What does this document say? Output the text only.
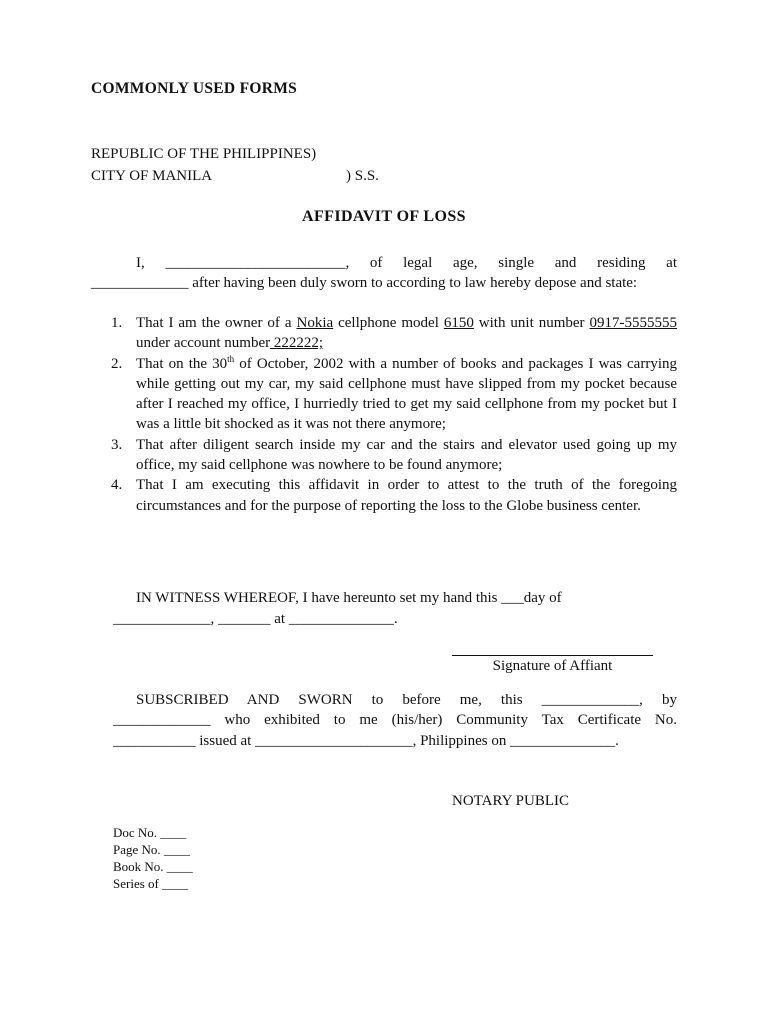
COMMONLY USED FORMS
REPUBLIC OF THE PHILIPPINES)
CITY OF MANILA	) S.S.
AFFIDAVIT OF LOSS
I, ________________________, of legal age, single and residing at
_____________ after having been duly sworn to according to law hereby depose and state:
1. That I am the owner of a Nokia cellphone model 6150 with unit number 0917-5555555 under account number 222222;
2. That on the 30th of October, 2002 with a number of books and packages I was carrying while getting out my car, my said cellphone must have slipped from my pocket because after I reached my office, I hurriedly tried to get my said cellphone from my pocket but I was a little bit shocked as it was not there anymore;
3. That after diligent search inside my car and the stairs and elevator used going up my office, my said cellphone was nowhere to be found anymore;
4. That I am executing this affidavit in order to attest to the truth of the foregoing circumstances and for the purpose of reporting the loss to the Globe business center.
IN WITNESS WHEREOF, I have hereunto set my hand this ___day of
_____________, _______ at ______________.
Signature of Affiant
SUBSCRIBED AND SWORN to before me, this _____________, by
_____________ who exhibited to me (his/her) Community Tax Certificate No.
___________ issued at _____________________, Philippines on ______________.
NOTARY PUBLIC
Doc No. ____
Page No. ____
Book No. ____
Series of ____
